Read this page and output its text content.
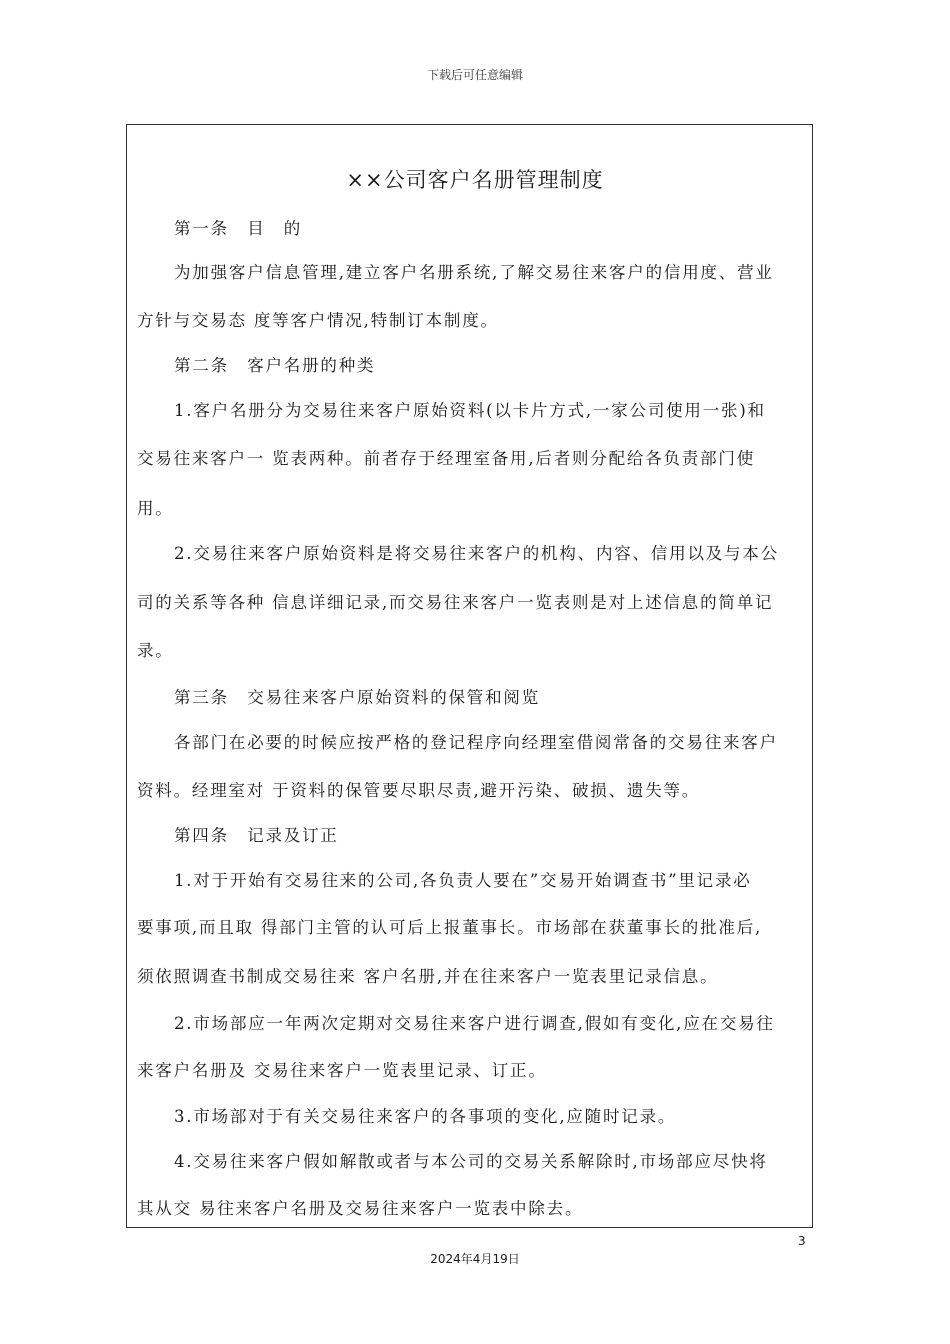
下载后可任意编辑
××公司客户名册管理制度
第一条　目　的
为加强客户信息管理,建立客户名册系统,了解交易往来客户的信用度、营业
方针与交易态 度等客户情况,特制订本制度。
第二条　客户名册的种类
1.客户名册分为交易往来客户原始资料(以卡片方式,一家公司使用一张)和
交易往来客户一 览表两种。前者存于经理室备用,后者则分配给各负责部门使
用。
2.交易往来客户原始资料是将交易往来客户的机构、内容、信用以及与本公
司的关系等各种 信息详细记录,而交易往来客户一览表则是对上述信息的简单记
录。
第三条　交易往来客户原始资料的保管和阅览
各部门在必要的时候应按严格的登记程序向经理室借阅常备的交易往来客户
资料。经理室对 于资料的保管要尽职尽责,避开污染、破损、遗失等。
第四条　记录及订正
1.对于开始有交易往来的公司,各负责人要在”交易开始调查书”里记录必
要事项,而且取 得部门主管的认可后上报董事长。市场部在获董事长的批准后,
须依照调查书制成交易往来 客户名册,并在往来客户一览表里记录信息。
2.市场部应一年两次定期对交易往来客户进行调查,假如有变化,应在交易往
来客户名册及 交易往来客户一览表里记录、订正。
3.市场部对于有关交易往来客户的各事项的变化,应随时记录。
4.交易往来客户假如解散或者与本公司的交易关系解除时,市场部应尽快将
其从交 易往来客户名册及交易往来客户一览表中除去。
3
2024年4月19日
